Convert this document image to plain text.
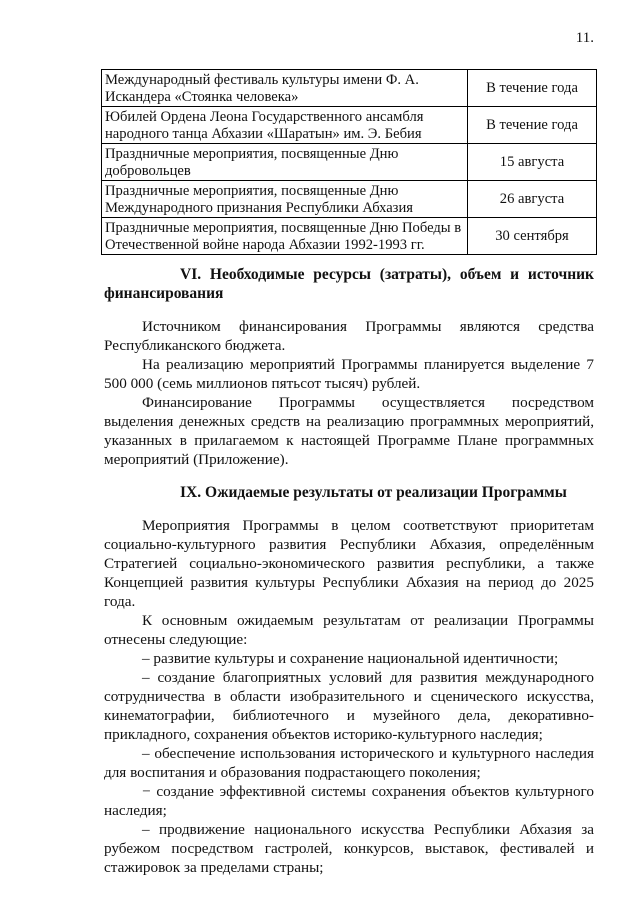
11.
Международный фестиваль культуры имени Ф. А. Искандера «Стоянка человека»	В течение года
Юбилей Ордена Леона Государственного ансамбля народного танца Абхазии «Шаратын» им. Э. Бебия	В течение года
Праздничные мероприятия, посвященные Дню добровольцев	15 августа
Праздничные мероприятия, посвященные Дню Международного признания Республики Абхазия	26 августа
Праздничные мероприятия, посвященные Дню Победы в Отечественной войне народа Абхазии 1992-1993 гг.	30 сентября
VI. Необходимые ресурсы (затраты), объем и источник финансирования

Источником финансирования Программы являются средства Республиканского бюджета.

На реализацию мероприятий Программы планируется выделение 7 500 000 (семь миллионов пятьсот тысяч) рублей.

Финансирование Программы осуществляется посредством выделения денежных средств на реализацию программных мероприятий, указанных в прилагаемом к настоящей Программе Плане программных мероприятий (Приложение).

IX. Ожидаемые результаты от реализации Программы

Мероприятия Программы в целом соответствуют приоритетам социально-культурного развития Республики Абхазия, определённым Стратегией социально-экономического развития республики, а также Концепцией развития культуры Республики Абхазия на период до 2025 года.

К основным ожидаемым результатам от реализации Программы отнесены следующие:

– развитие культуры и сохранение национальной идентичности;

– создание благоприятных условий для развития международного сотрудничества в области изобразительного и сценического искусства, кинематографии, библиотечного и музейного дела, декоративно-прикладного, сохранения объектов историко-культурного наследия;

– обеспечение использования исторического и культурного наследия для воспитания и образования подрастающего поколения;

− создание эффективной системы сохранения объектов культурного наследия;

– продвижение национального искусства Республики Абхазия за рубежом посредством гастролей, конкурсов, выставок, фестивалей и стажировок за пределами страны;
